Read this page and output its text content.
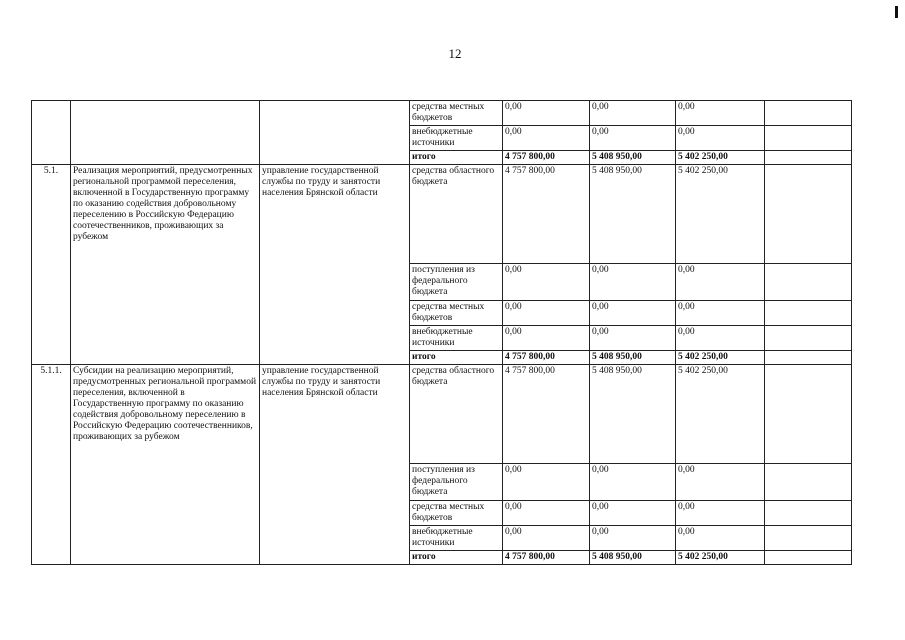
12
			средства местных бюджетов	0,00	0,00	0,00	
			внебюджетные источники	0,00	0,00	0,00	
			итого	4 757 800,00	5 408 950,00	5 402 250,00	
5.1.	Реализация мероприятий, предусмотренных региональной программой переселения, включенной в Государственную программу по оказанию содействия добровольному переселению в Российскую Федерацию соотечественников, проживающих за рубежом	управление государственной службы по труду и занятости населения Брянской области	средства областного бюджета	4 757 800,00	5 408 950,00	5 402 250,00	
			поступления из федерального бюджета	0,00	0,00	0,00	
			средства местных бюджетов	0,00	0,00	0,00	
			внебюджетные источники	0,00	0,00	0,00	
			итого	4 757 800,00	5 408 950,00	5 402 250,00	
5.1.1.	Субсидии на реализацию мероприятий, предусмотренных региональной программой переселения, включенной в Государственную программу по оказанию содействия добровольному переселению в Российскую Федерацию соотечественников, проживающих за рубежом	управление государственной службы по труду и занятости населения Брянской области	средства областного бюджета	4 757 800,00	5 408 950,00	5 402 250,00	
			поступления из федерального бюджета	0,00	0,00	0,00	
			средства местных бюджетов	0,00	0,00	0,00	
			внебюджетные источники	0,00	0,00	0,00	
			итого	4 757 800,00	5 408 950,00	5 402 250,00	
